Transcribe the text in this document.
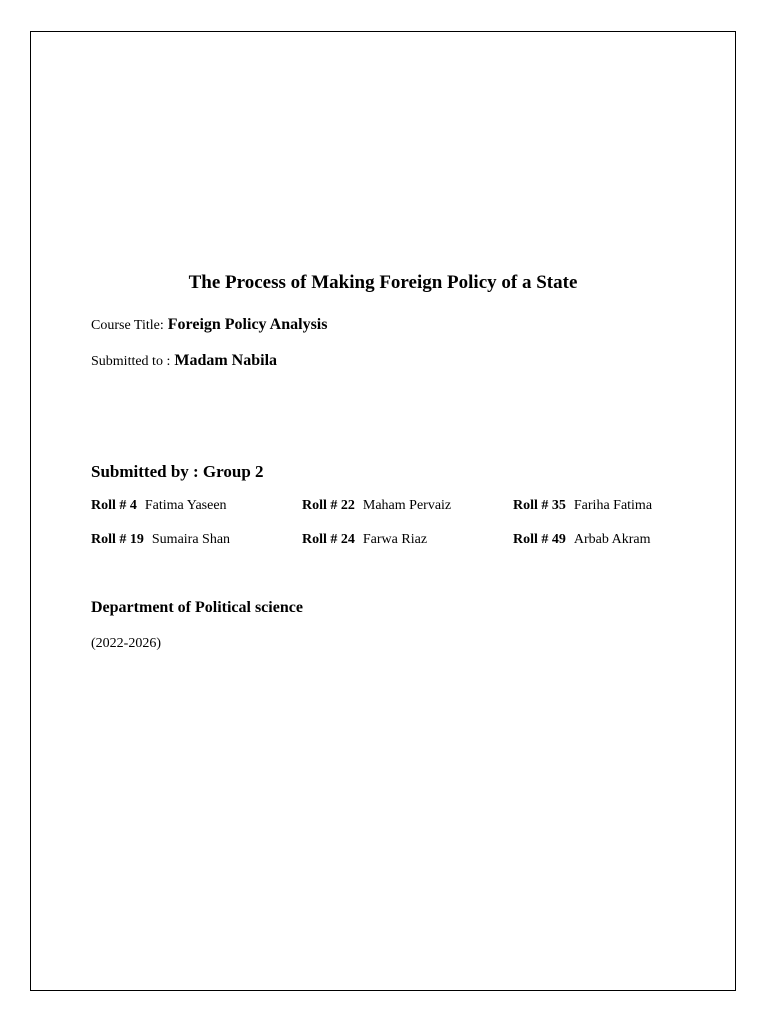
The Process of Making Foreign Policy of a State

Course Title: Foreign Policy Analysis

Submitted to : Madam Nabila

Submitted by : Group 2
Roll # 4 Fatima Yaseen	Roll # 22 Maham Pervaiz	Roll # 35 Fariha Fatima
Roll # 19 Sumaira Shan	Roll # 24 Farwa Riaz	Roll # 49 Arbab Akram
Department of Political science

(2022-2026)
